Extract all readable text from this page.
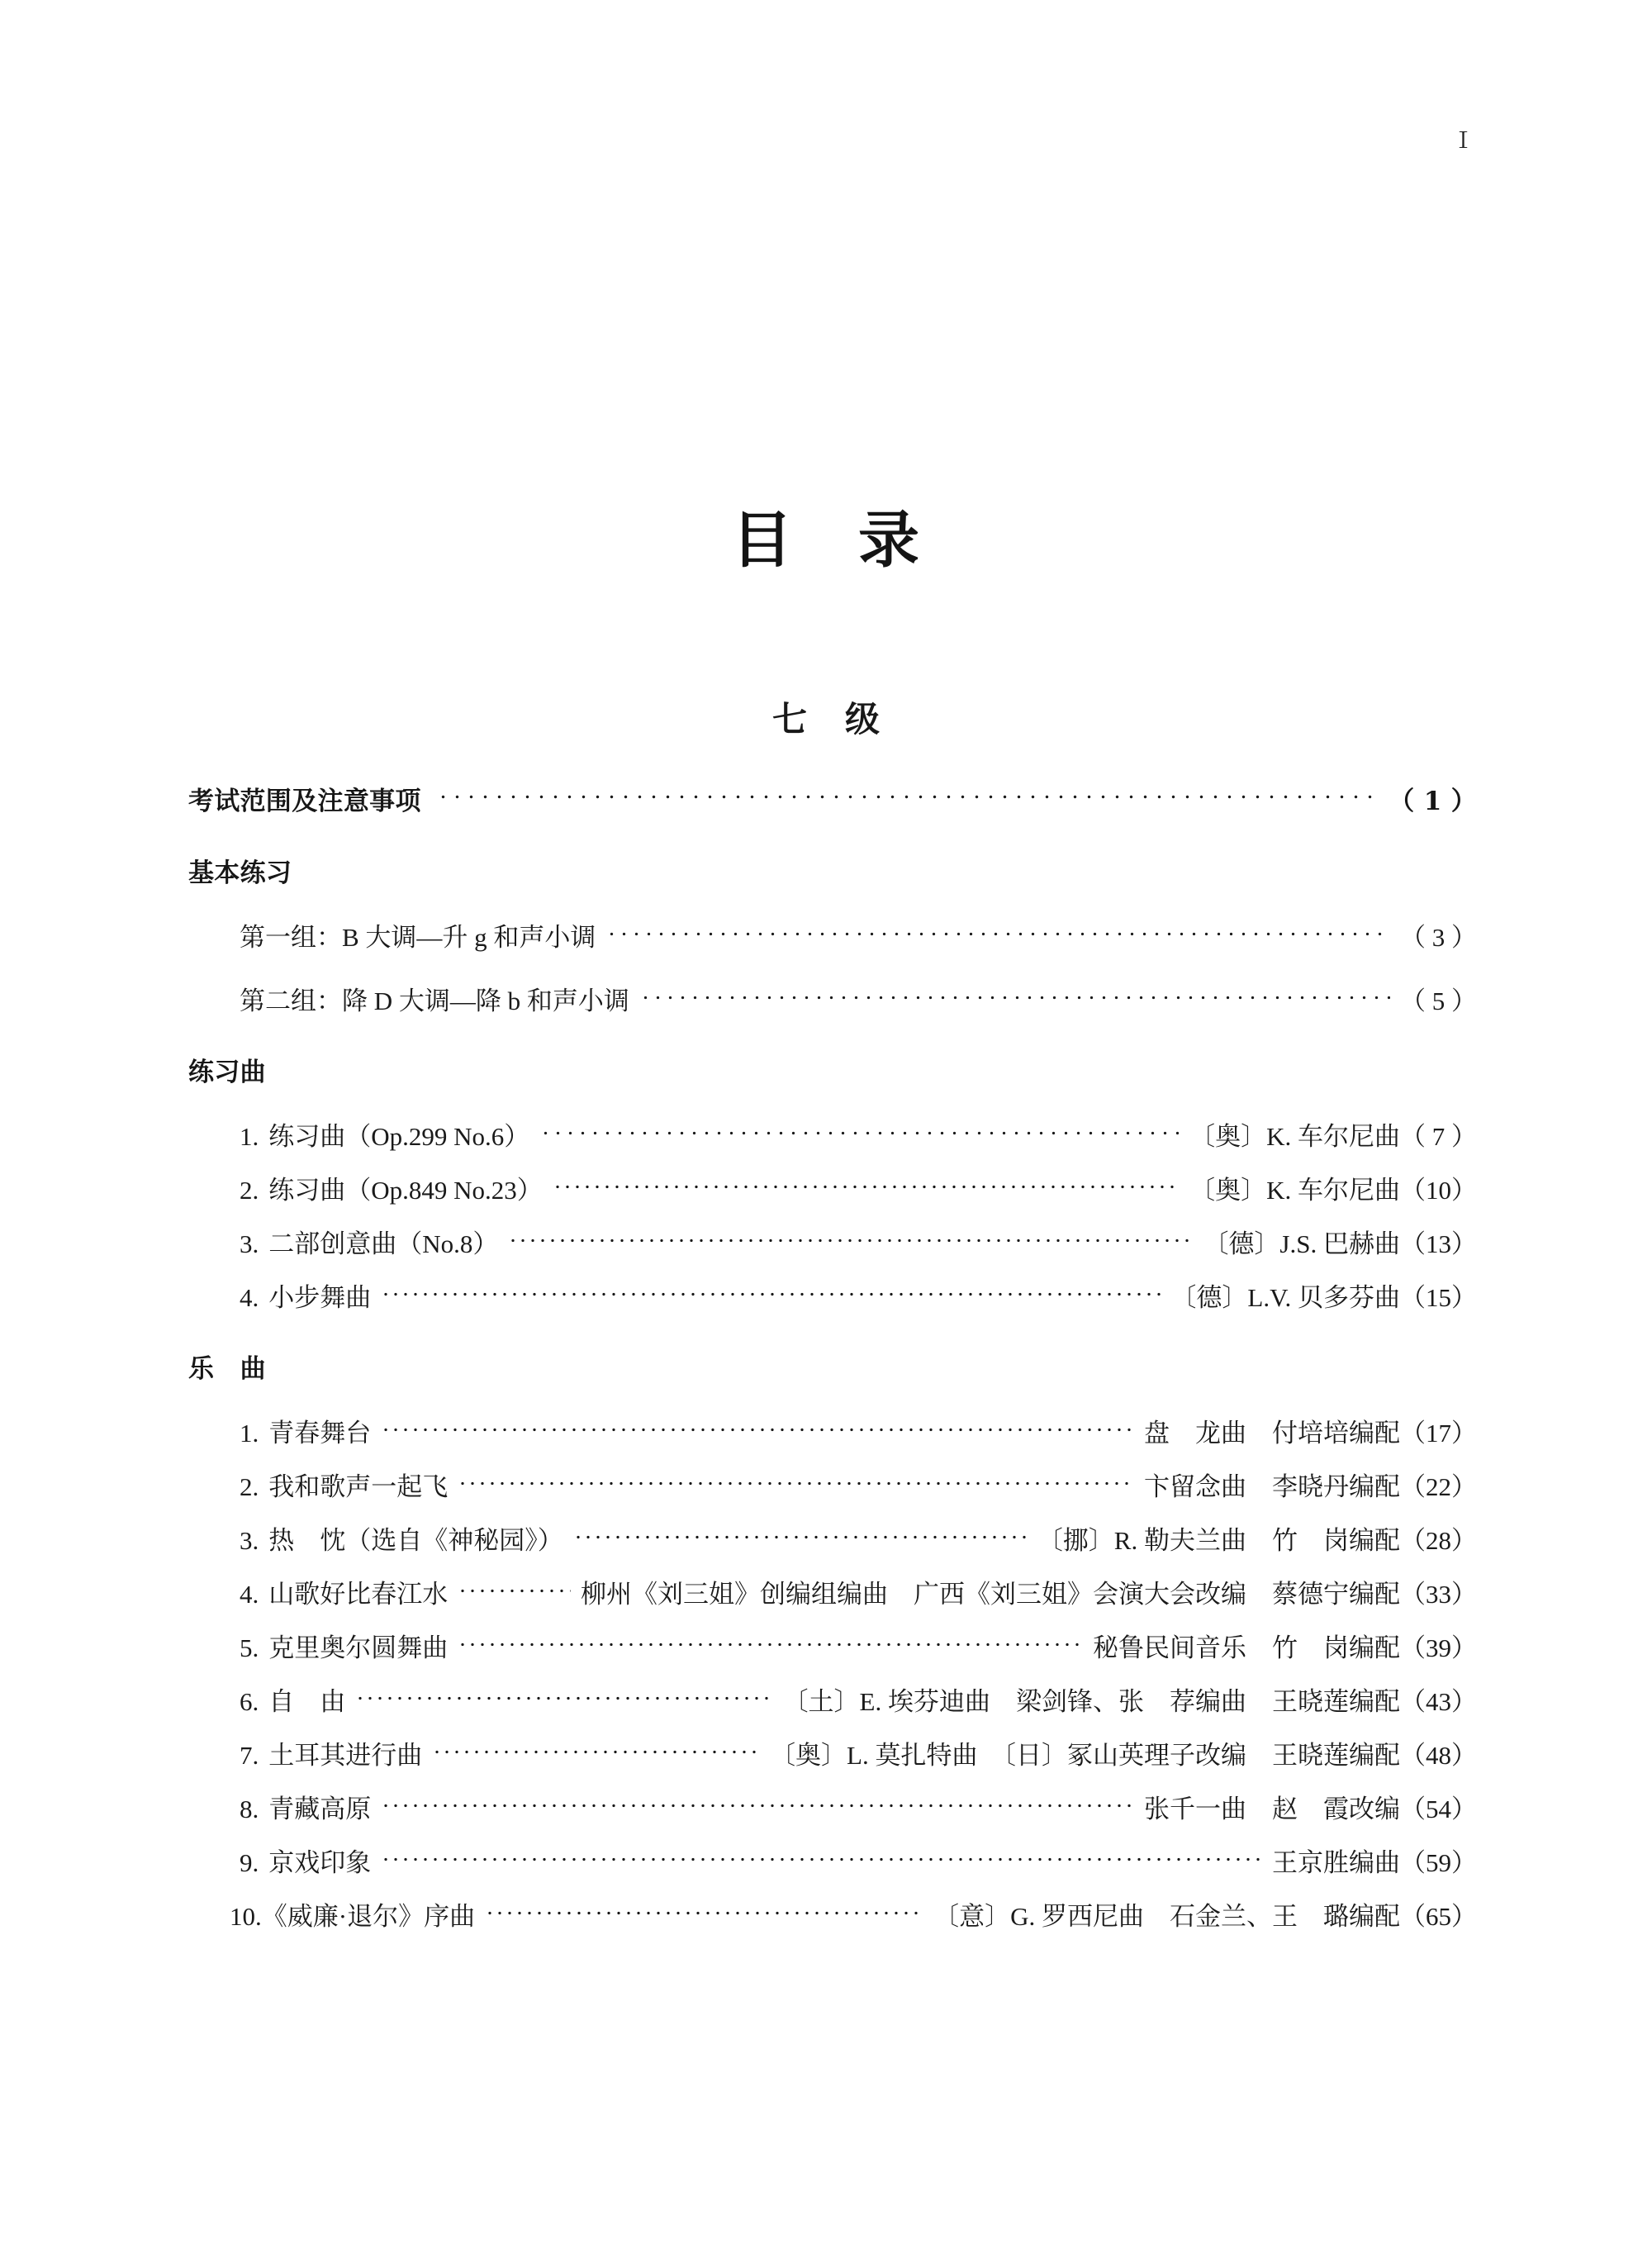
Ⅰ
目 录
七 级
考试范围及注意事项	（ 1 ）
基本练习
第一组：B 大调—升 g 和声小调	（ 3 ）
第二组：降 D 大调—降 b 和声小调	（ 5 ）
练习曲
1. 练习曲（Op.299 No.6）	〔奥〕K. 车尔尼曲 （ 7 ）
2. 练习曲（Op.849 No.23）	〔奥〕K. 车尔尼曲 （10）
3. 二部创意曲（No.8）	〔德〕J.S. 巴赫曲 （13）
4. 小步舞曲	〔德〕L.V. 贝多芬曲 （15）
乐　曲
1. 青春舞台	盘　龙曲　付培培编配 （17）
2. 我和歌声一起飞	卞留念曲　李晓丹编配 （22）
3. 热　忱（选自《神秘园》）	〔挪〕R. 勒夫兰曲　竹　岗编配 （28）
4. 山歌好比春江水	柳州《刘三姐》创编组编曲　广西《刘三姐》会演大会改编　蔡德宁编配 （33）
5. 克里奥尔圆舞曲	秘鲁民间音乐　竹　岗编配 （39）
6. 自　由	〔土〕E. 埃芬迪曲　梁剑锋、张　荐编曲　王晓莲编配 （43）
7. 土耳其进行曲	〔奥〕L. 莫扎特曲　〔日〕冢山英理子改编　王晓莲编配 （48）
8. 青藏高原	张千一曲　赵　霞改编 （54）
9. 京戏印象	王京胜编曲 （59）
10. 《威廉·退尔》序曲	〔意〕G. 罗西尼曲　石金兰、王　璐编配 （65）
